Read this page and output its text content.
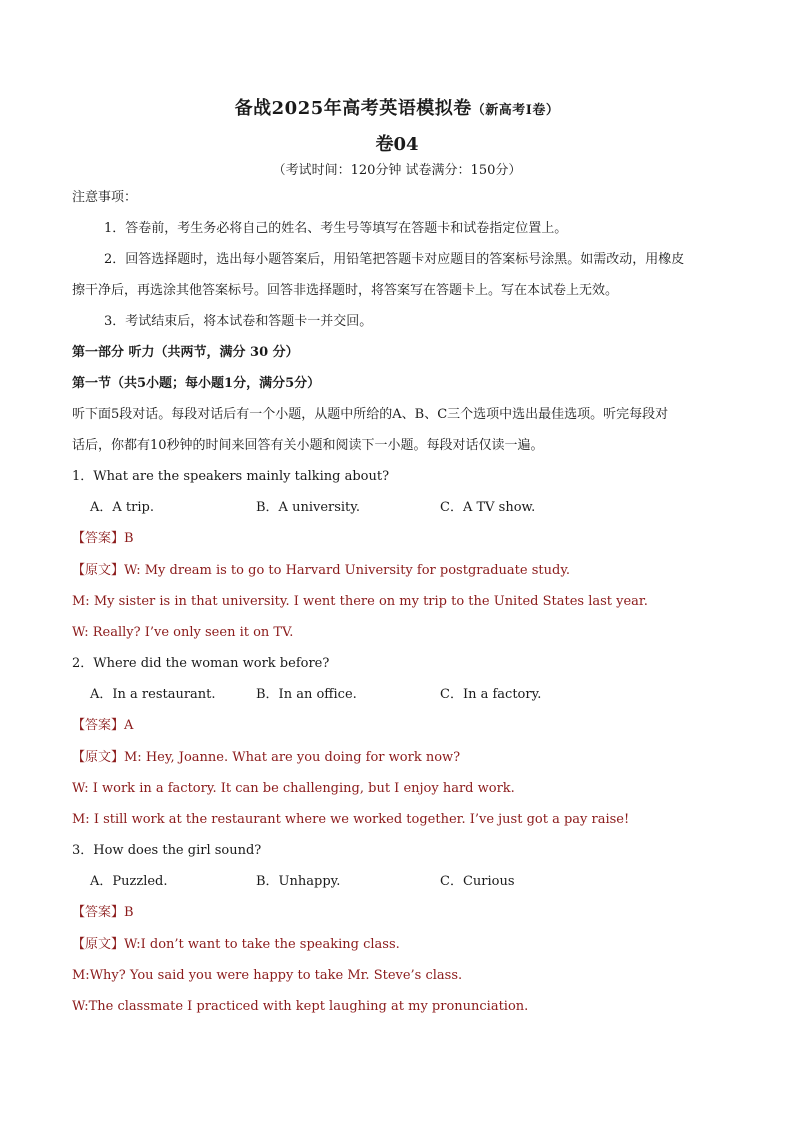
备战2025年高考英语模拟卷（新高考Ⅰ卷）
卷04
（考试时间：120分钟 试卷满分：150分）
注意事项：
1．答卷前，考生务必将自己的姓名、考生号等填写在答题卡和试卷指定位置上。
2．回答选择题时，选出每小题答案后，用铅笔把答题卡对应题目的答案标号涂黑。如需改动，用橡皮
擦干净后，再选涂其他答案标号。回答非选择题时，将答案写在答题卡上。写在本试卷上无效。
3．考试结束后，将本试卷和答题卡一并交回。
第一部分 听力（共两节，满分 30 分）
第一节（共5小题；每小题1分，满分5分）
听下面5段对话。每段对话后有一个小题，从题中所给的A、B、C三个选项中选出最佳选项。听完每段对
话后，你都有10秒钟的时间来回答有关小题和阅读下一小题。每段对话仅读一遍。
1．What are the speakers mainly talking about?
A．A trip.	B．A university.	C．A TV show.
【答案】B
【原文】W: My dream is to go to Harvard University for postgraduate study.
M: My sister is in that university. I went there on my trip to the United States last year.
W: Really? I’ve only seen it on TV.
2．Where did the woman work before?
A．In a restaurant.	B．In an office.	C．In a factory.
【答案】A
【原文】M: Hey, Joanne. What are you doing for work now?
W: I work in a factory. It can be challenging, but I enjoy hard work.
M: I still work at the restaurant where we worked together. I’ve just got a pay raise!
3．How does the girl sound?
A．Puzzled.	B．Unhappy.	C．Curious
【答案】B
【原文】W:I don’t want to take the speaking class.
M:Why? You said you were happy to take Mr. Steve’s class.
W:The classmate I practiced with kept laughing at my pronunciation.
